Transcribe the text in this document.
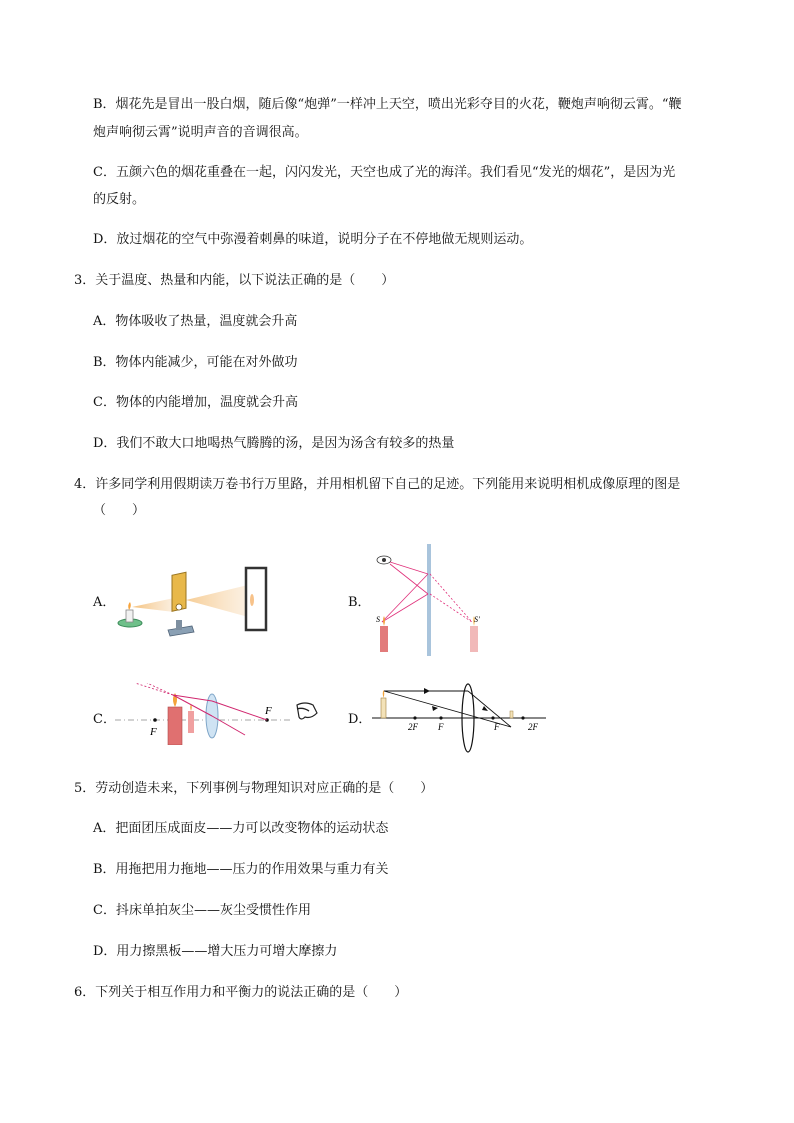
B．烟花先是冒出一股白烟，随后像“炮弹”一样冲上天空，喷出光彩夺目的火花，鞭炮声响彻云霄。“鞭
炮声响彻云霄”说明声音的音调很高。
C．五颜六色的烟花重叠在一起，闪闪发光，天空也成了光的海洋。我们看见“发光的烟花”，是因为光
的反射。
D．放过烟花的空气中弥漫着刺鼻的味道，说明分子在不停地做无规则运动。
3．关于温度、热量和内能，以下说法正确的是（　　）
A．物体吸收了热量，温度就会升高
B．物体内能减少，可能在对外做功
C．物体的内能增加，温度就会升高
D．我们不敢大口地喝热气腾腾的汤，是因为汤含有较多的热量
4．许多同学利用假期读万卷书行万里路，并用相机留下自己的足迹。下列能用来说明相机成像原理的图是
（　　）
A．	B．
S	S′
C．
F
F
D．	2F F	F	2F
5．劳动创造未来，下列事例与物理知识对应正确的是（　　）
A．把面团压成面皮——力可以改变物体的运动状态
B．用拖把用力拖地——压力的作用效果与重力有关
C．抖床单拍灰尘——灰尘受惯性作用
D．用力擦黑板——增大压力可增大摩擦力
6．下列关于相互作用力和平衡力的说法正确的是（　　）
